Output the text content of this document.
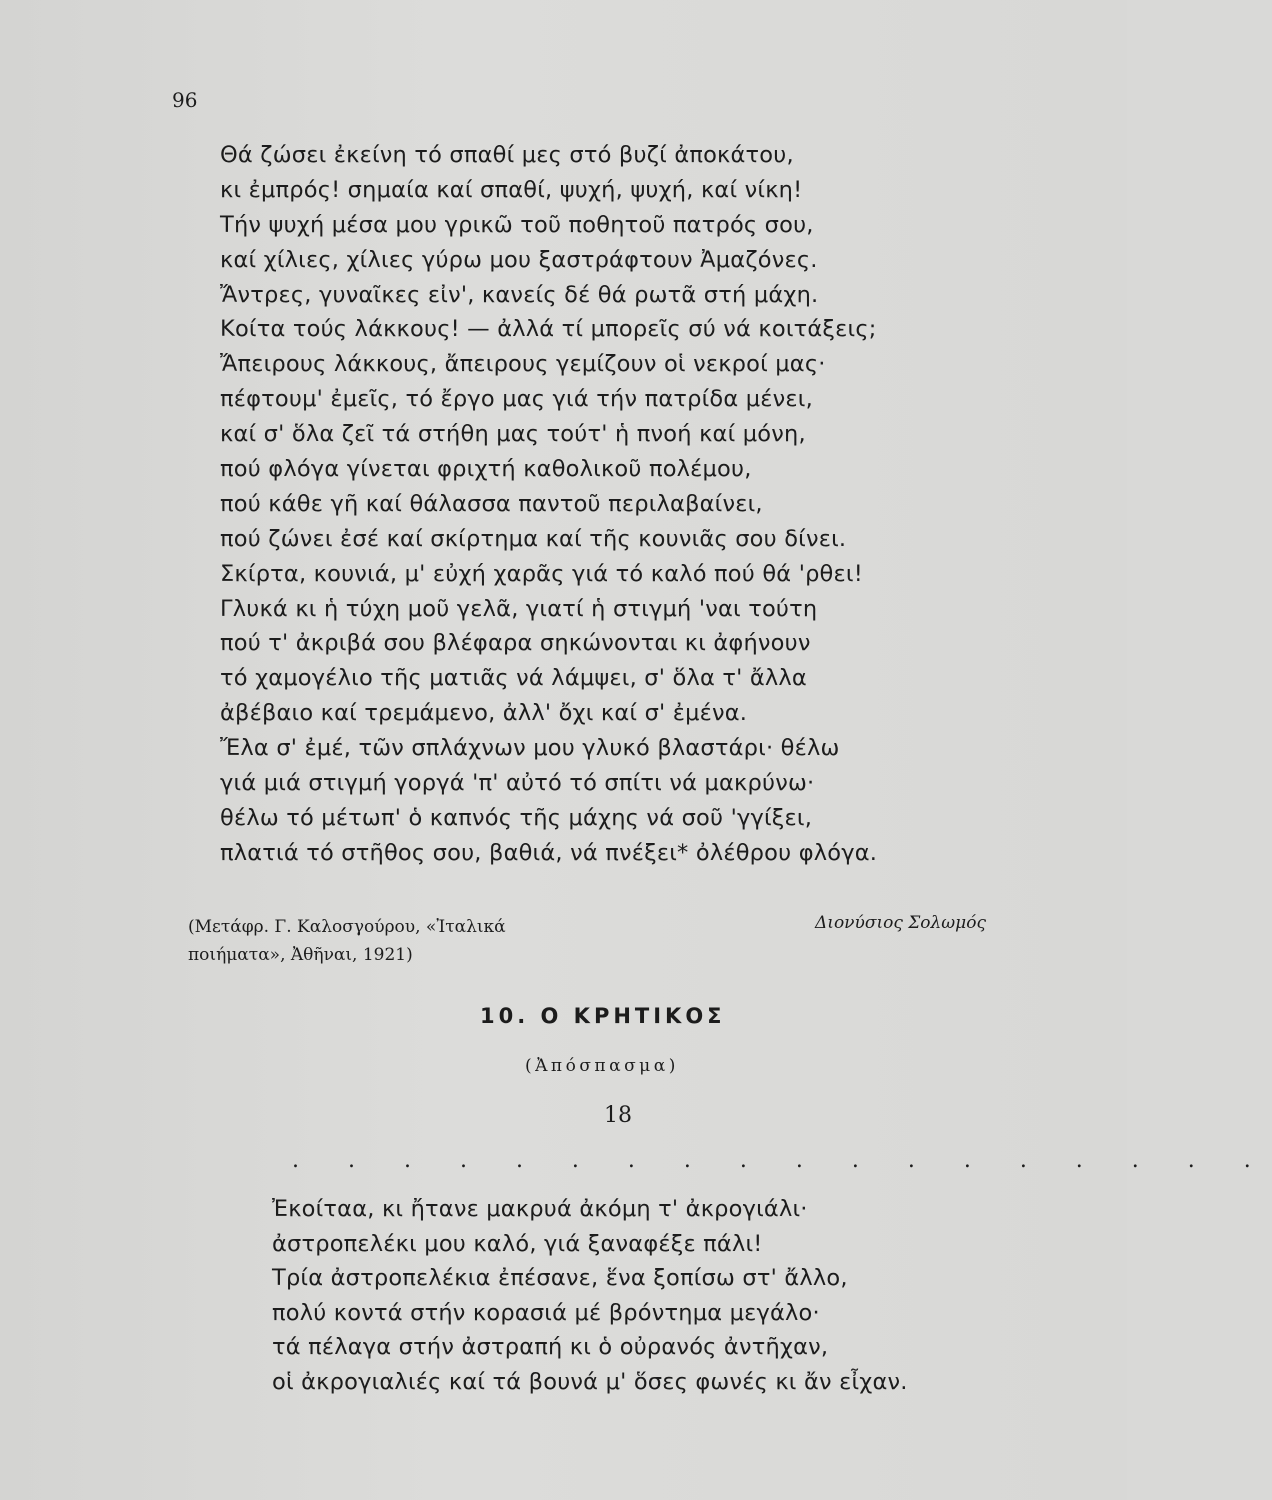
96
Θά ζώσει ἐκείνη τό σπαθί μες στό βυζί ἀποκάτου,
κι ἐμπρός! σημαία καί σπαθί, ψυχή, ψυχή, καί νίκη!
Τήν ψυχή μέσα μου γρικῶ τοῦ ποθητοῦ πατρός σου,
καί χίλιες, χίλιες γύρω μου ξαστράφτουν Ἀμαζόνες.
Ἄντρες, γυναῖκες εἰν', κανείς δέ θά ρωτᾶ στή μάχη.
Κοίτα τούς λάκκους! — ἀλλά τί μπορεῖς σύ νά κοιτάξεις;
Ἄπειρους λάκκους, ἄπειρους γεμίζουν οἱ νεκροί μας·
πέφτουμ' ἐμεῖς, τό ἔργο μας γιά τήν πατρίδα μένει,
καί σ' ὅλα ζεῖ τά στήθη μας τούτ' ἡ πνοή καί μόνη,
πού φλόγα γίνεται φριχτή καθολικοῦ πολέμου,
πού κάθε γῆ καί θάλασσα παντοῦ περιλαβαίνει,
πού ζώνει ἐσέ καί σκίρτημα καί τῆς κουνιᾶς σου δίνει.
Σκίρτα, κουνιά, μ' εὐχή χαρᾶς γιά τό καλό πού θά 'ρθει!
Γλυκά κι ἡ τύχη μοῦ γελᾶ, γιατί ἡ στιγμή 'ναι τούτη
πού τ' ἀκριβά σου βλέφαρα σηκώνονται κι ἀφήνουν
τό χαμογέλιο τῆς ματιᾶς νά λάμψει, σ' ὅλα τ' ἄλλα
ἀβέβαιο καί τρεμάμενο, ἀλλ' ὄχι καί σ' ἐμένα.
Ἔλα σ' ἐμέ, τῶν σπλάχνων μου γλυκό βλαστάρι· θέλω
γιά μιά στιγμή γοργά 'π' αὐτό τό σπίτι νά μακρύνω·
θέλω τό μέτωπ' ὁ καπνός τῆς μάχης νά σοῦ 'γγίξει,
πλατιά τό στῆθος σου, βαθιά, νά πνέξει* ὀλέθρου φλόγα.
(Μετάφρ. Γ. Καλοσγούρου, «Ἰταλικά
ποιήματα», Ἀθῆναι, 1921)
Διονύσιος Σολωμός
10. Ο ΚΡΗΤΙΚΟΣ
(Ἀπόσπασμα)
18
. . . . . . . . . . . . . . . . . .
Ἐκοίταα, κι ἤτανε μακρυά ἀκόμη τ' ἀκρογιάλι·
ἀστροπελέκι μου καλό, γιά ξαναφέξε πάλι!
Τρία ἀστροπελέκια ἐπέσανε, ἕνα ξοπίσω στ' ἄλλο,
πολύ κοντά στήν κορασιά μέ βρόντημα μεγάλο·
τά πέλαγα στήν ἀστραπή κι ὁ οὐρανός ἀντῆχαν,
οἱ ἀκρογιαλιές καί τά βουνά μ' ὅσες φωνές κι ἄν εἶχαν.
